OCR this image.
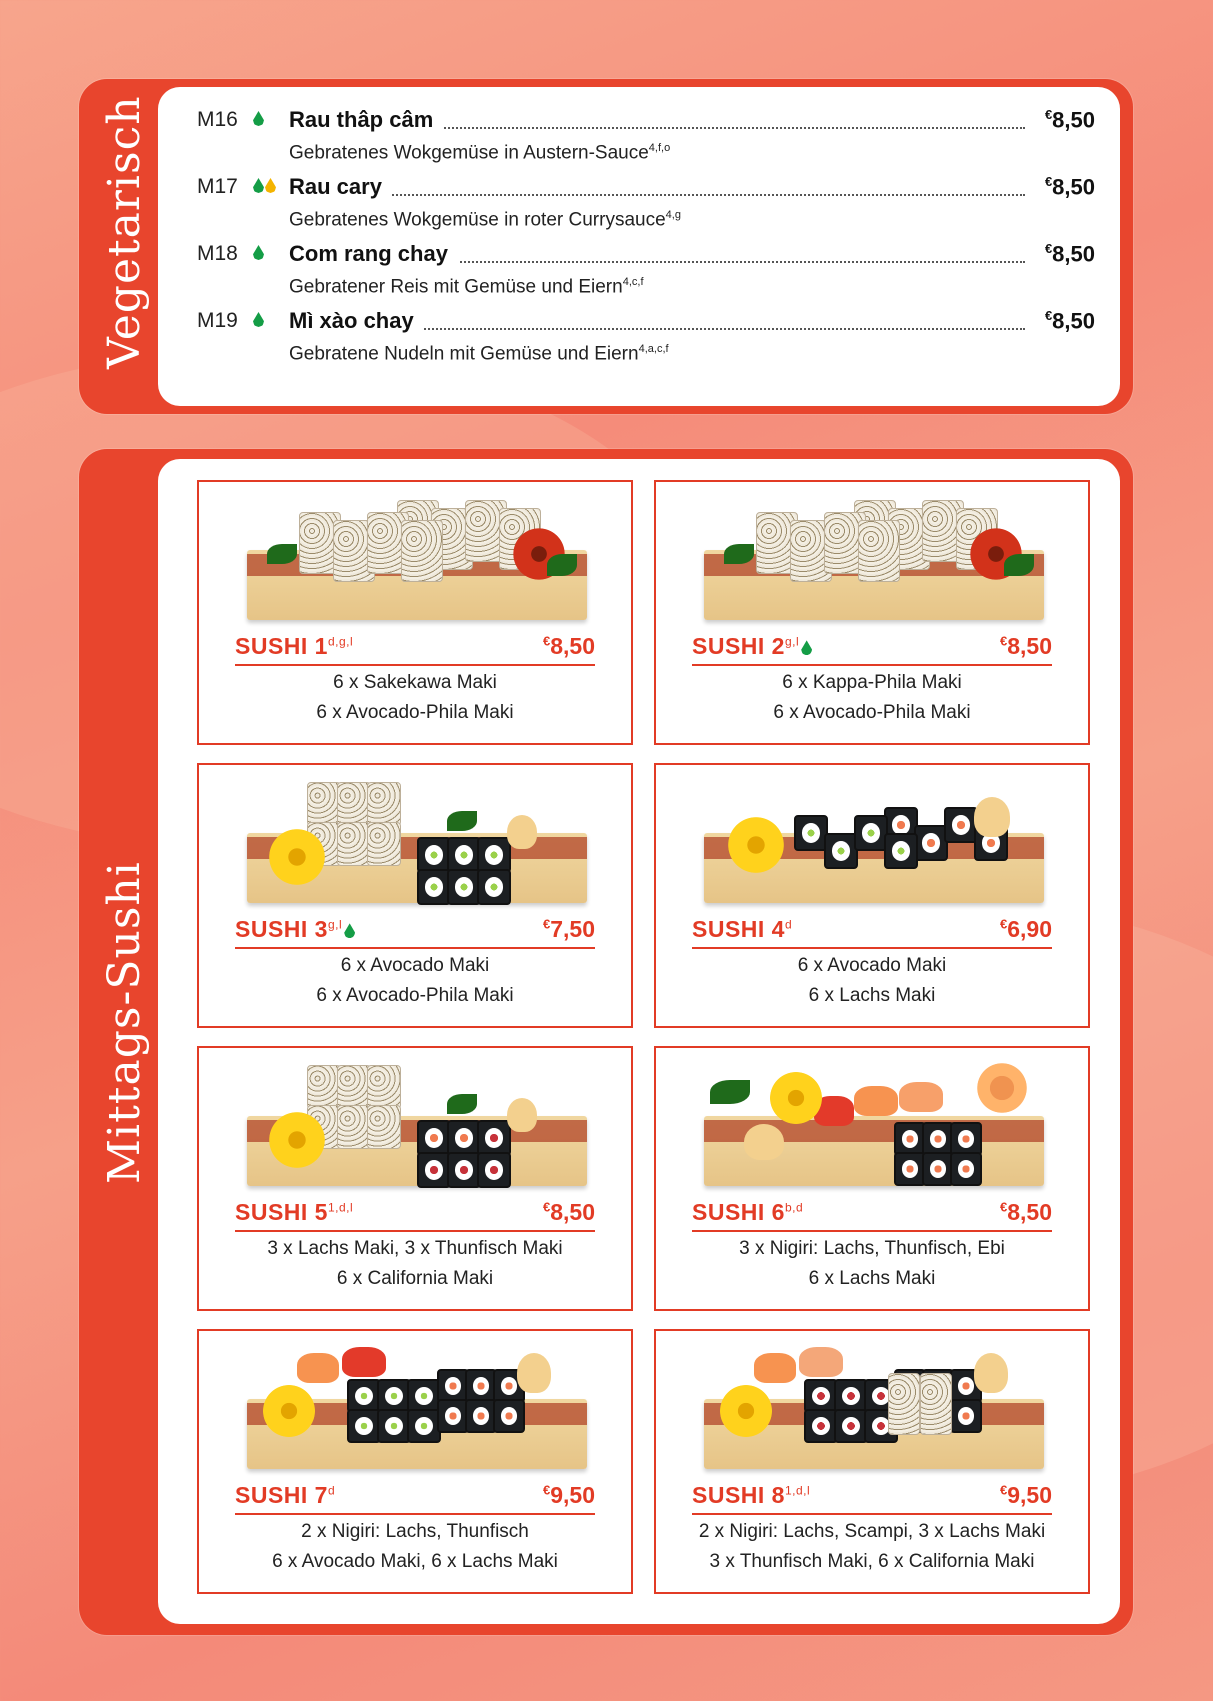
Vegetarisch M16 Rau thâp câm	€8,50
Gebratenes Wokgemüse in Austern-Sauce$^{4,f,o}$
M17 Rau cary	€8,50
Gebratenes Wokgemüse in roter Currysauce$^{4,g}$
M18 Com rang chay	€8,50
Gebratener Reis mit Gemüse und Eiern$^{4,c,f}$
M19 Mì xào chay	€8,50
Gebratene Nudeln mit Gemüse und Eiern$^{4,a,c,f}$
Mittags-Sushi
SUSHI 1$^{d,g,l}$	€8,50
6 x Sakekawa Maki
6 x Avocado-Phila Maki
SUSHI 2$^{g,l}$	€8,50
6 x Kappa-Phila Maki
6 x Avocado-Phila Maki
SUSHI 3$^{g,l}$	€7,50
6 x Avocado Maki
6 x Avocado-Phila Maki
SUSHI 4$^d$	€6,90
6 x Avocado Maki
6 x Lachs Maki
SUSHI 5$^{1,d,l}$	€8,50
3 x Lachs Maki, 3 x Thunfisch Maki
6 x California Maki
SUSHI 6$^{b,d}$	€8,50
3 x Nigiri: Lachs, Thunfisch, Ebi
6 x Lachs Maki
SUSHI 7$^d$	€9,50
2 x Nigiri: Lachs, Thunfisch
6 x Avocado Maki, 6 x Lachs Maki
SUSHI 8$^{1,d,l}$	€9,50
2 x Nigiri: Lachs, Scampi, 3 x Lachs Maki
3 x Thunfisch Maki, 6 x California Maki
